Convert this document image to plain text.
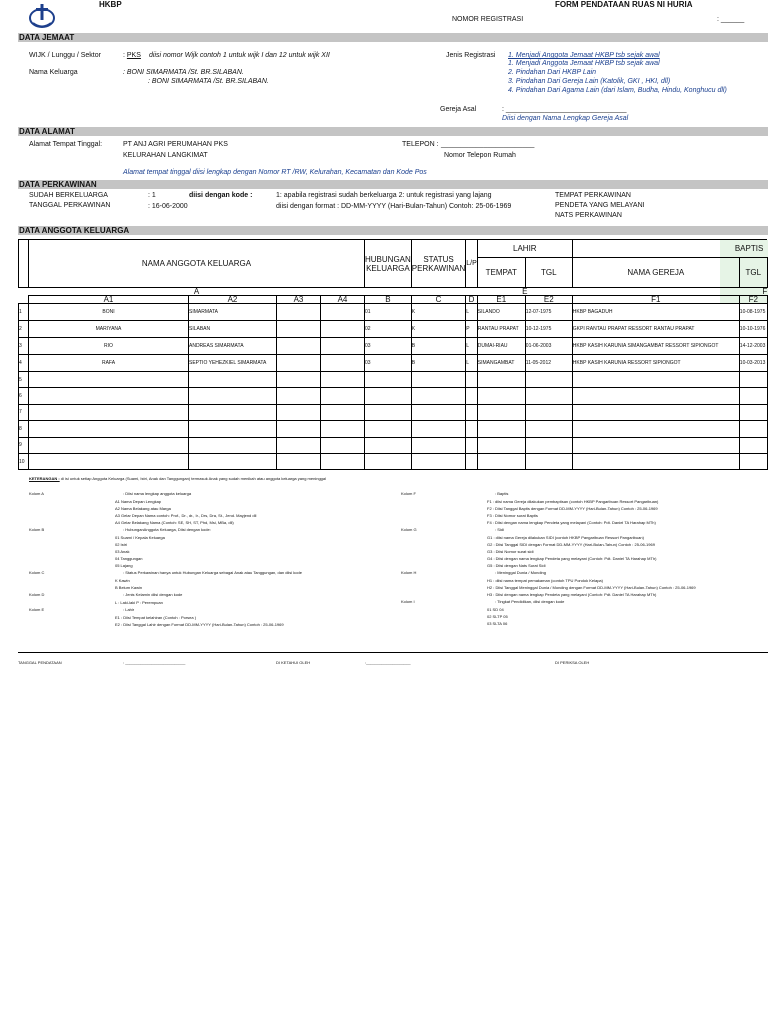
HKBP	FORM PENDATAAN RUAS NI HURIA
NOMOR REGISTRASI	: ______
DATA JEMAAT
WIJK / Lunggu / Sektor	: PKS diisi nomor Wijk contoh 1 untuk wijk I dan 12 untuk wijk XII
Nama Keluarga	: BONI SIMARMATA /St. BR.SILABAN.
: BONI SIMARMATA /St. BR.SILABAN.
Jenis Registrasi 1. Menjadi Anggota Jemaat HKBP tsb sejak awal
1. Menjadi Anggota Jemaat HKBP tsb sejak awal
2. Pindahan Dari HKBP Lain
3. Pindahan Dari Gereja Lain (Katolik, GKI , HKI, dll)
4. Pindahan Dari Agama Lain (dari Islam, Budha, Hindu, Konghucu dll)
Gereja Asal	: _______________________________
Diisi dengan Nama Lengkap Gereja Asal
DATA ALAMAT
Alamat Tempat Tinggal:	PT ANJ AGRI PERUMAHAN PKS
KELURAHAN LANGKIMAT
TELEPON : ________________________
Nomor Telepon Rumah
Alamat tempat tinggal diisi lengkap dengan Nomor RT /RW, Kelurahan, Kecamatan dan Kode Pos
DATA PERKAWINAN
SUDAH BERKELUARGA	: 1	diisi dengan kode :	1: apabila registrasi sudah berkeluarga 2: untuk registrasi yang lajang
TANGGAL PERKAWINAN	: 16-06-2000	diisi dengan format : DD-MM-YYYY (Hari-Bulan-Tahun) Contoh: 25-06-1969
TEMPAT PERKAWINAN
PENDETA YANG MELAYANI
NATS PERKAWINAN
DATA ANGGOTA KELUARGA
	NAMA ANGGOTA KELUARGA				HUBUNGAN KELUARGA	STATUS PERKAWINAN	L/P	LAHIR		BAPTIS	
								TEMPAT	TGL	NAMA GEREJA	TGL
	A							E		F	
	A1	A2	A3	A4	B	C	D	E1	E2	F1	F2
1	BONI	SIMARMATA			01	K	L	SILANDO	12-07-1975	HKBP BAGADUH	10-08-1975
2	MARIYANA	SILABAN			02	K	P	RANTAU PRAPAT	10-12-1975	GKPI RANTAU PRAPAT RESSORT RANTAU PRAPAT	10-10-1976
3	RIO	ANDREAS SIMARMATA			03	B	L	DUMAI-RIAU	01-06-2003	HKBP KASIH KARUNIA SIMANGAMBAT RESSORT SIPIONGOT	14-12-2003
4	RAFA	SEPTIO YEHEZKIEL SIMARMATA			03	B	L	SIMANGAMBAT	11-05-2012	HKBP KASIH KARUNIA RESSORT SIPIONGOT	10-03-2013
5											
6											
7											
8											
9											
10											
KETERANGAN : di isi untuk setiap Anggota Keluarga (Suami, Istri, Anak dan Tanggungan) termasuk Anak yang sudah menikah atau anggota keluarga yang meninggal
Kolom A	: Diisi nama lengkap anggota keluarga
A1 Nama Depan Lengkap
A2 Nama Belakang atau Marga
A3 Gelar Depan Nama contoh: Prof., Dr., dr., Ir., Drs, Dra, St., Jend. Mayjend dll
A4 Gelar Belakang Nama (Contoh: SE, SH, ST, Phd, Msi, MBa, dll)
Kolom B	: HubunganAnggota Keluarga, Diisi dengan kode:
01 Suami / Kepala Keluarga
02 Istri
03 Anak
04 Tanggungan
05 Lajang
Kolom C	: Status Perkawinan hanya untuk Hubungan Keluarga sebagai Anak atau Tanggungan, dan diisi kode
K Kawin
B Belum Kawin
Kolom D	: Jenis Kelamin diisi dengan kode
L : Laki-laki P : Perempuan
Kolom E	: Lahir
E1 : Diisi Tempat kelahiran (Contoh : Porsea )
E2 : Diisi Tanggal Lahir dengan Format DD-MM-YYYY (Hari-Bulan-Tahun) Contoh : 25-06-1969
Kolom F	: Baptis
F1 : diisi nama Gereja dilakukan pembaptisan (contoh HKBP Pangaribuan Ressort Pangaribuan)
F2 : Diisi Tanggal Baptis dengan Format DD-MM-YYYY (Hari-Bulan-Tahun) Contoh : 25-06-1969
F3 : Diisi Nomor surat Baptis
F4 : Diisi dengan nama lengkap Pendeta yang melayani (Contoh: Pdt. Daniel TA Harahap MTh)
Kolom G	: Sidi
G1 : diisi nama Gereja dilakukan SIDI (contoh HKBP Pangaribuan Ressort Pangaribuan)
G2 : Diisi Tanggal SIDI dengan Format DD-MM-YYYY (Hari-Bulan-Tahun) Contoh : 25-06-1969
G3 : Diisi Nomor surat sidi
G4 : Diisi dengan nama lengkap Pendeta yang melayani (Contoh: Pdt. Daniel TA Harahap MTh)
G5 : Diisi dengan Nats Surat Sidi
Kolom H	: Meninggal Dunia / Monding
H1 : diisi nama tempat pemakaman (contoh TPU Pondok Kelapa)
H2 : Diisi Tanggal Meninggal Dunia / Monding dengan Format DD-MM-YYYY (Hari-Bulan-Tahun) Contoh : 25-06-1969
H3 : Diisi dengan nama lengkap Pendeta yang melayani (Contoh: Pdt. Daniel TA Harahap MTh)
Kolom I	: Tingkat Pendidikan, diisi dengan kode
01 SD 04
02 SLTP 05
03 SLTA 06
TANGGAL PENDATAAN	: ___________________________	DI KETAHUI OLEH	:____________________	DI PERIKSA OLEH
